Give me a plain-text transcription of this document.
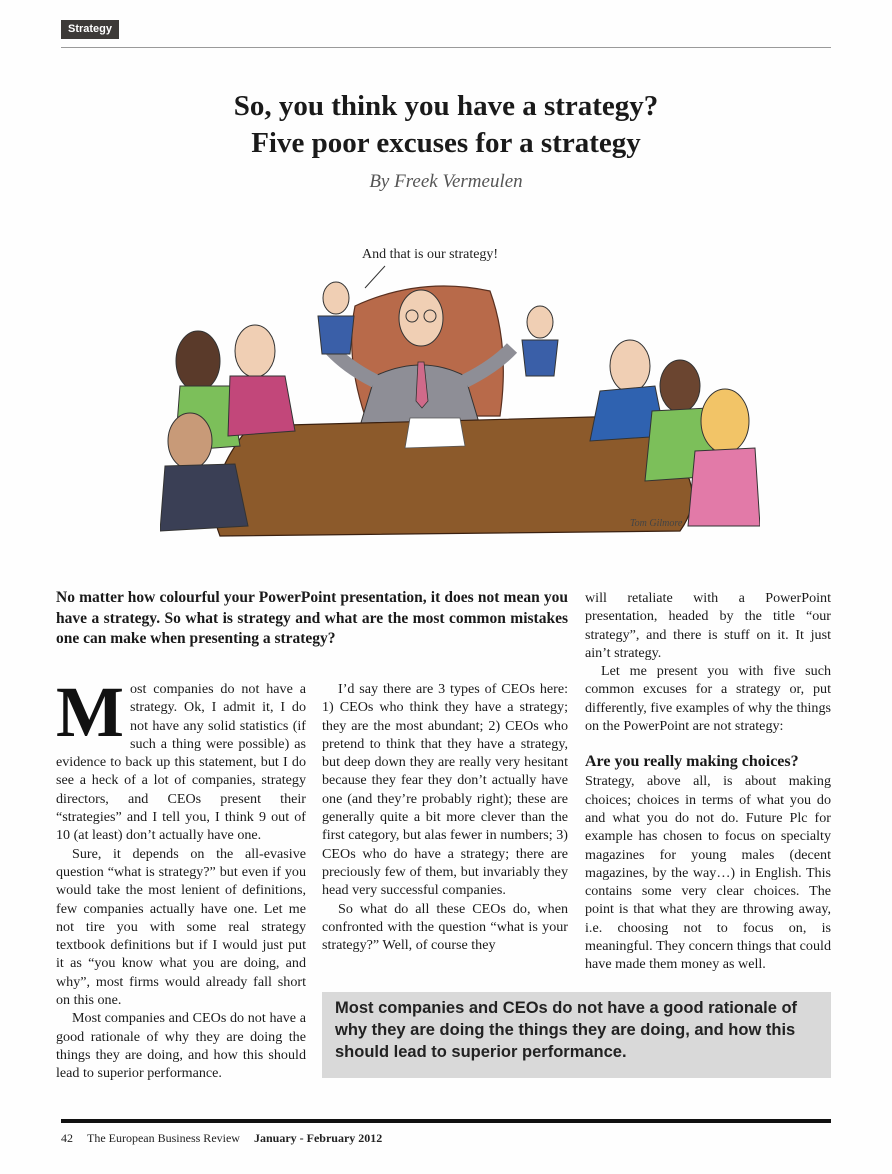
Strategy
So, you think you have a strategy?
Five poor excuses for a strategy
By Freek Vermeulen
And that is our strategy!
Tom Gilmore
No matter how colourful your PowerPoint presentation, it does not mean you have a strategy. So what is strategy and what are the most common mistakes one can make when presenting a strategy?

Most companies do not have a strategy. Ok, I admit it, I do not have any solid statistics (if such a thing were possible) as evidence to back up this statement, but I do see a heck of a lot of companies, strategy directors, and CEOs present their “strategies” and I tell you, I think 9 out of 10 (at least) don’t actually have one.

Sure, it depends on the all-evasive question “what is strategy?” but even if you would take the most lenient of definitions, few companies actually have one. Let me not tire you with some real strategy textbook definitions but if I would just put it as “you know what you are doing, and why”, most firms would already fall short on this one.

Most companies and CEOs do not have a good rationale of why they are doing the things they are doing, and how this should lead to superior performance.

I’d say there are 3 types of CEOs here: 1) CEOs who think they have a strategy; they are the most abundant; 2) CEOs who pretend to think that they have a strategy, but deep down they are really very hesitant because they fear they don’t actually have one (and they’re probably right); these are generally quite a bit more clever than the first category, but alas fewer in numbers; 3) CEOs who do have a strategy; there are preciously few of them, but invariably they head very successful companies.

So what do all these CEOs do, when confronted with the question “what is your strategy?” Well, of course they

will retaliate with a PowerPoint presentation, headed by the title “our strategy”, and there is stuff on it. It just ain’t strategy.

Let me present you with five such common excuses for a strategy or, put differently, five examples of why the things on the PowerPoint are not strategy:

Are you really making choices?

Strategy, above all, is about making choices; choices in terms of what you do and what you do not do. Future Plc for example has chosen to focus on specialty magazines for young males (decent magazines, by the way…) in English. This contains some very clear choices. The point is that what they are throwing away, i.e. choosing not to focus on, is meaningful. They concern things that could have made them money as well.

Most companies and CEOs do not have a good rationale of why they are doing the things they are doing, and how this should lead to superior performance.
42 The European Business Review January - February 2012
